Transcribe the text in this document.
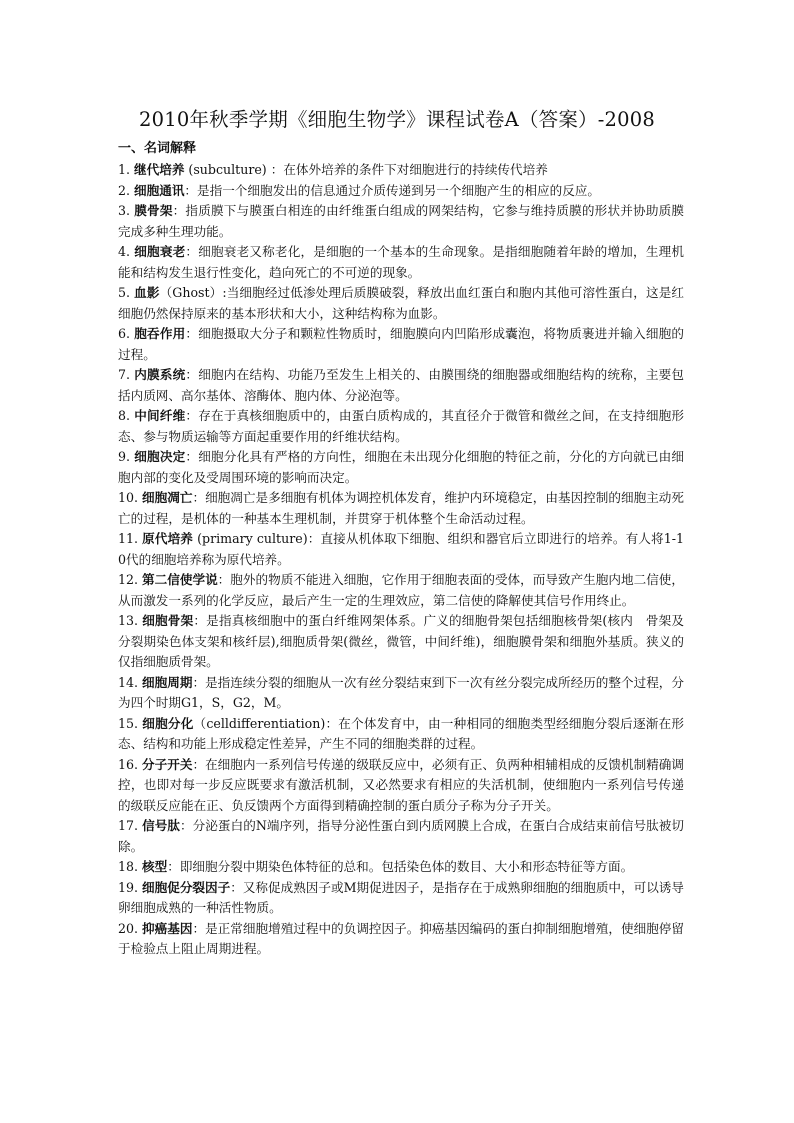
2010年秋季学期《细胞生物学》课程试卷A（答案）-2008
一、名词解释
1. 继代培养 (subculture) ：在体外培养的条件下对细胞进行的持续传代培养
2. 细胞通讯：是指一个细胞发出的信息通过介质传递到另一个细胞产生的相应的反应。
3. 膜骨架：指质膜下与膜蛋白相连的由纤维蛋白组成的网架结构，它参与维持质膜的形状并协助质膜完成多种生理功能。
4. 细胞衰老：细胞衰老又称老化，是细胞的一个基本的生命现象。是指细胞随着年龄的增加，生理机能和结构发生退行性变化，趋向死亡的不可逆的现象。
5. 血影（Ghost）:当细胞经过低渗处理后质膜破裂，释放出血红蛋白和胞内其他可溶性蛋白，这是红细胞仍然保持原来的基本形状和大小，这种结构称为血影。
6. 胞吞作用：细胞摄取大分子和颗粒性物质时，细胞膜向内凹陷形成囊泡，将物质裹进并输入细胞的过程。
7. 内膜系统：细胞内在结构、功能乃至发生上相关的、由膜围绕的细胞器或细胞结构的统称，主要包括内质网、高尔基体、溶酶体、胞内体、分泌泡等。
8. 中间纤维：存在于真核细胞质中的，由蛋白质构成的，其直径介于微管和微丝之间，在支持细胞形态、参与物质运输等方面起重要作用的纤维状结构。
9. 细胞决定：细胞分化具有严格的方向性，细胞在未出现分化细胞的特征之前，分化的方向就已由细胞内部的变化及受周围环境的影响而决定。
10. 细胞凋亡：细胞凋亡是多细胞有机体为调控机体发育，维护内环境稳定，由基因控制的细胞主动死亡的过程，是机体的一种基本生理机制，并贯穿于机体整个生命活动过程。
11. 原代培养 (primary culture)：直接从机体取下细胞、组织和器官后立即进行的培养。有人将1-10代的细胞培养称为原代培养。
12. 第二信使学说：胞外的物质不能进入细胞，它作用于细胞表面的受体，而导致产生胞内地二信使，从而激发一系列的化学反应，最后产生一定的生理效应，第二信使的降解使其信号作用终止。
13. 细胞骨架：是指真核细胞中的蛋白纤维网架体系。广义的细胞骨架包括细胞核骨架(核内　骨架及分裂期染色体支架和核纤层),细胞质骨架(微丝，微管，中间纤维)，细胞膜骨架和细胞外基质。狭义的仅指细胞质骨架。
14. 细胞周期：是指连续分裂的细胞从一次有丝分裂结束到下一次有丝分裂完成所经历的整个过程，分为四个时期G1，S，G2，M。
15. 细胞分化（celldifferentiation)：在个体发育中，由一种相同的细胞类型经细胞分裂后逐渐在形态、结构和功能上形成稳定性差异，产生不同的细胞类群的过程。
16. 分子开关：在细胞内一系列信号传递的级联反应中，必须有正、负两种相辅相成的反馈机制精确调控，也即对每一步反应既要求有激活机制，又必然要求有相应的失活机制，使细胞内一系列信号传递的级联反应能在正、负反馈两个方面得到精确控制的蛋白质分子称为分子开关。
17. 信号肽：分泌蛋白的N端序列，指导分泌性蛋白到内质网膜上合成，在蛋白合成结束前信号肽被切除。
18. 核型：即细胞分裂中期染色体特征的总和。包括染色体的数目、大小和形态特征等方面。
19. 细胞促分裂因子：又称促成熟因子或M期促进因子，是指存在于成熟卵细胞的细胞质中，可以诱导卵细胞成熟的一种活性物质。
20. 抑癌基因：是正常细胞增殖过程中的负调控因子。抑癌基因编码的蛋白抑制细胞增殖，使细胞停留于检验点上阻止周期进程。
